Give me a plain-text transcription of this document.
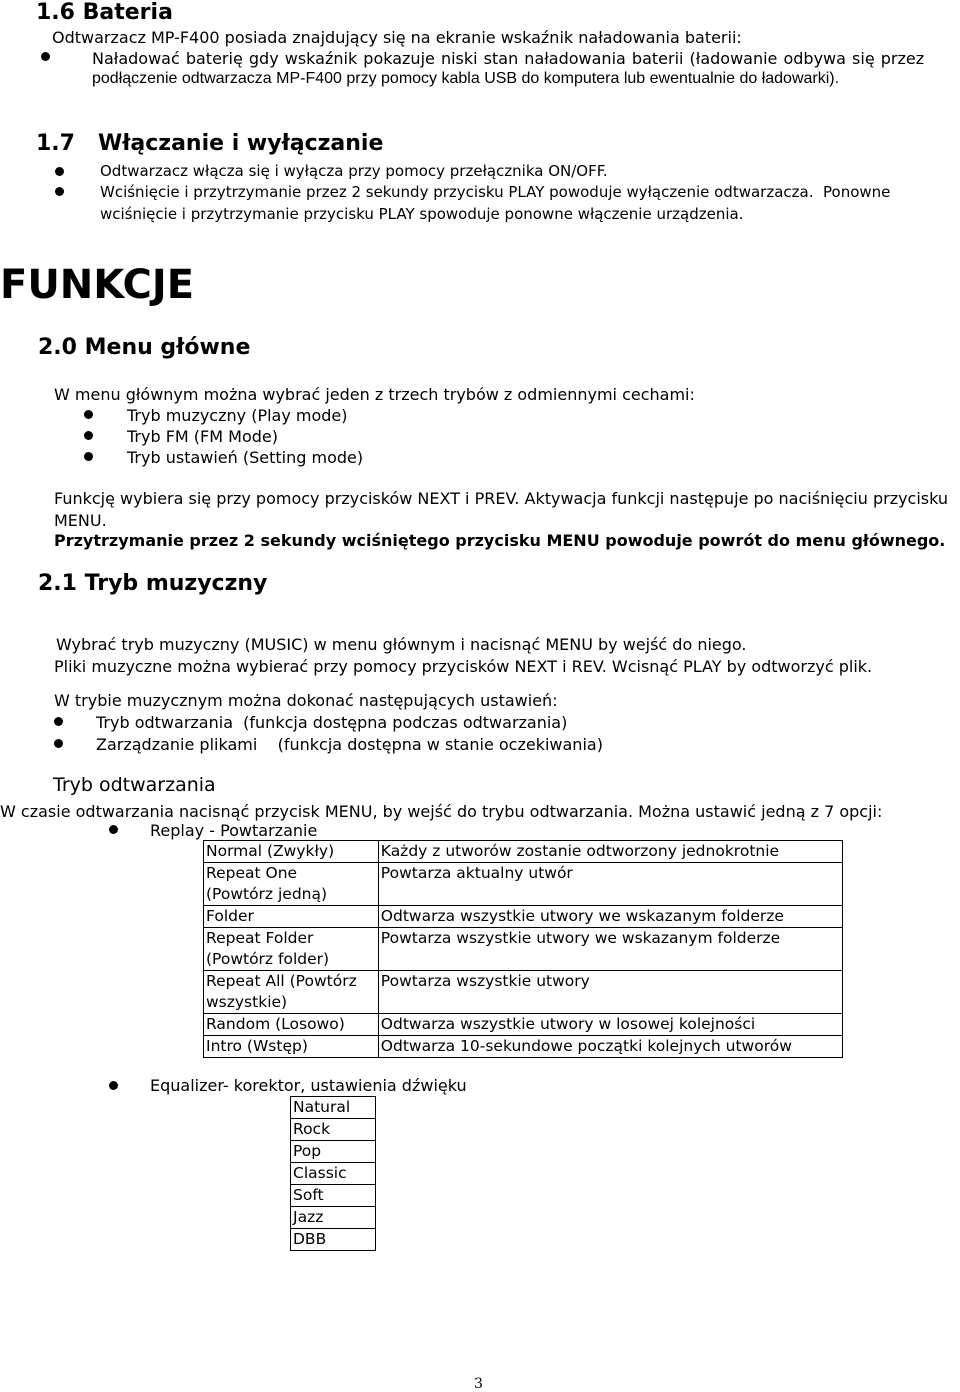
1.6 Bateria
Odtwarzacz MP-F400 posiada znajdujący się na ekranie wskaźnik naładowania baterii:
Naładować baterię gdy wskaźnik pokazuje niski stan naładowania baterii (ładowanie odbywa się przez
podłączenie odtwarzacza MP-F400 przy pomocy kabla USB do komputera lub ewentualnie do ładowarki).
1.7   Włączanie i wyłączanie
Odtwarzacz włącza się i wyłącza przy pomocy przełącznika ON/OFF.
Wciśnięcie i przytrzymanie przez 2 sekundy przycisku PLAY powoduje wyłączenie odtwarzacza.  Ponowne
wciśnięcie i przytrzymanie przycisku PLAY spowoduje ponowne włączenie urządzenia.
FUNKCJE
2.0 Menu główne
W menu głównym można wybrać jeden z trzech trybów z odmiennymi cechami:
Tryb muzyczny (Play mode)
Tryb FM (FM Mode)
Tryb ustawień (Setting mode)
Funkcję wybiera się przy pomocy przycisków NEXT i PREV. Aktywacja funkcji następuje po naciśnięciu przycisku
MENU.
Przytrzymanie przez 2 sekundy wciśniętego przycisku MENU powoduje powrót do menu głównego.
2.1 Tryb muzyczny
Wybrać tryb muzyczny (MUSIC) w menu głównym i nacisnąć MENU by wejść do niego.
Pliki muzyczne można wybierać przy pomocy przycisków NEXT i REV. Wcisnąć PLAY by odtworzyć plik.
W trybie muzycznym można dokonać następujących ustawień:
Tryb odtwarzania  (funkcja dostępna podczas odtwarzania)
Zarządzanie plikami    (funkcja dostępna w stanie oczekiwania)
Tryb odtwarzania
W czasie odtwarzania nacisnąć przycisk MENU, by wejść do trybu odtwarzania. Można ustawić jedną z 7 opcji:
Replay - Powtarzanie
Normal (Zwykły)	Każdy z utworów zostanie odtworzony jednokrotnie
Repeat One
(Powtórz jedną)	Powtarza aktualny utwór
Folder	Odtwarza wszystkie utwory we wskazanym folderze
Repeat Folder
(Powtórz folder)	Powtarza wszystkie utwory we wskazanym folderze
Repeat All (Powtórz
wszystkie)	Powtarza wszystkie utwory
Random (Losowo)	Odtwarza wszystkie utwory w losowej kolejności
Intro (Wstęp)	Odtwarza 10-sekundowe początki kolejnych utworów
Equalizer- korektor, ustawienia dźwięku
Natural
Rock
Pop
Classic
Soft
Jazz
DBB
3
